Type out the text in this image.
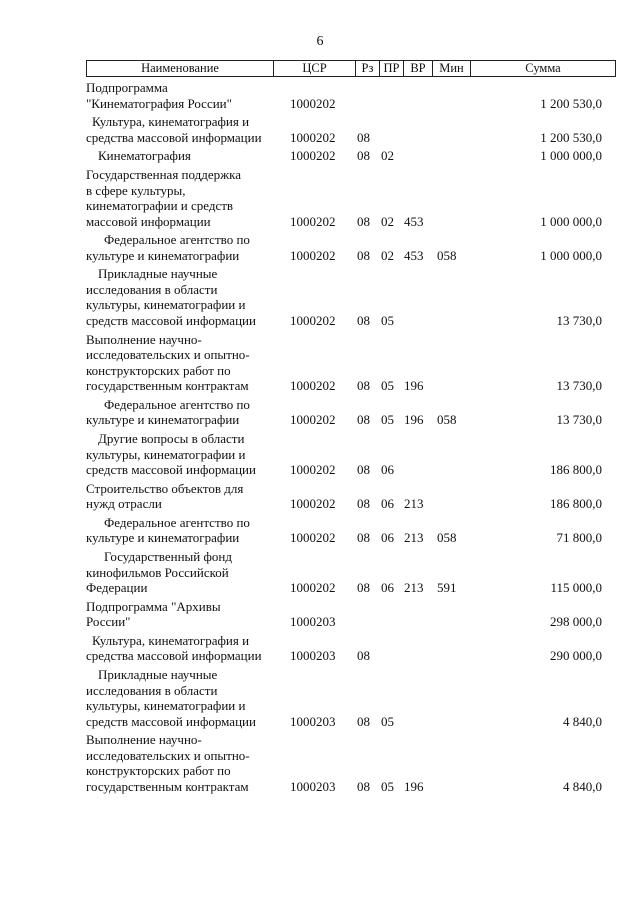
6
Наименование	ЦСР	Рз ПР ВР	Мин	Сумма
Подпрограмма
"Кинематография России"	1000202	1 200 530,0
Культура, кинематография и
средства массовой информации	1000202 08	1 200 530,0
Кинематография	1000202 08 02	1 000 000,0
Государственная поддержка
в сфере культуры,
кинематографии и средств
массовой информации	1000202 08 02 453	1 000 000,0
Федеральное агентство по
культуре и кинематографии	1000202 08 02 453 058	1 000 000,0
Прикладные научные
исследования в области
культуры, кинематографии и
средств массовой информации	1000202 08 05	13 730,0
Выполнение научно-
исследовательских и опытно-
конструкторских работ по
государственным контрактам	1000202 08 05 196	13 730,0
Федеральное агентство по
культуре и кинематографии	1000202 08 05 196 058	13 730,0
Другие вопросы в области
культуры, кинематографии и
средств массовой информации	1000202 08 06	186 800,0
Строительство объектов для
нужд отрасли	1000202 08 06 213	186 800,0
Федеральное агентство по
культуре и кинематографии	1000202 08 06 213 058	71 800,0
Государственный фонд
кинофильмов Российской
Федерации	1000202 08 06 213 591	115 000,0
Подпрограмма "Архивы
России"	1000203	298 000,0
Культура, кинематография и
средства массовой информации	1000203 08	290 000,0
Прикладные научные
исследования в области
культуры, кинематографии и
средств массовой информации	1000203 08 05	4 840,0
Выполнение научно-
исследовательских и опытно-
конструкторских работ по
государственным контрактам	1000203 08 05 196	4 840,0
